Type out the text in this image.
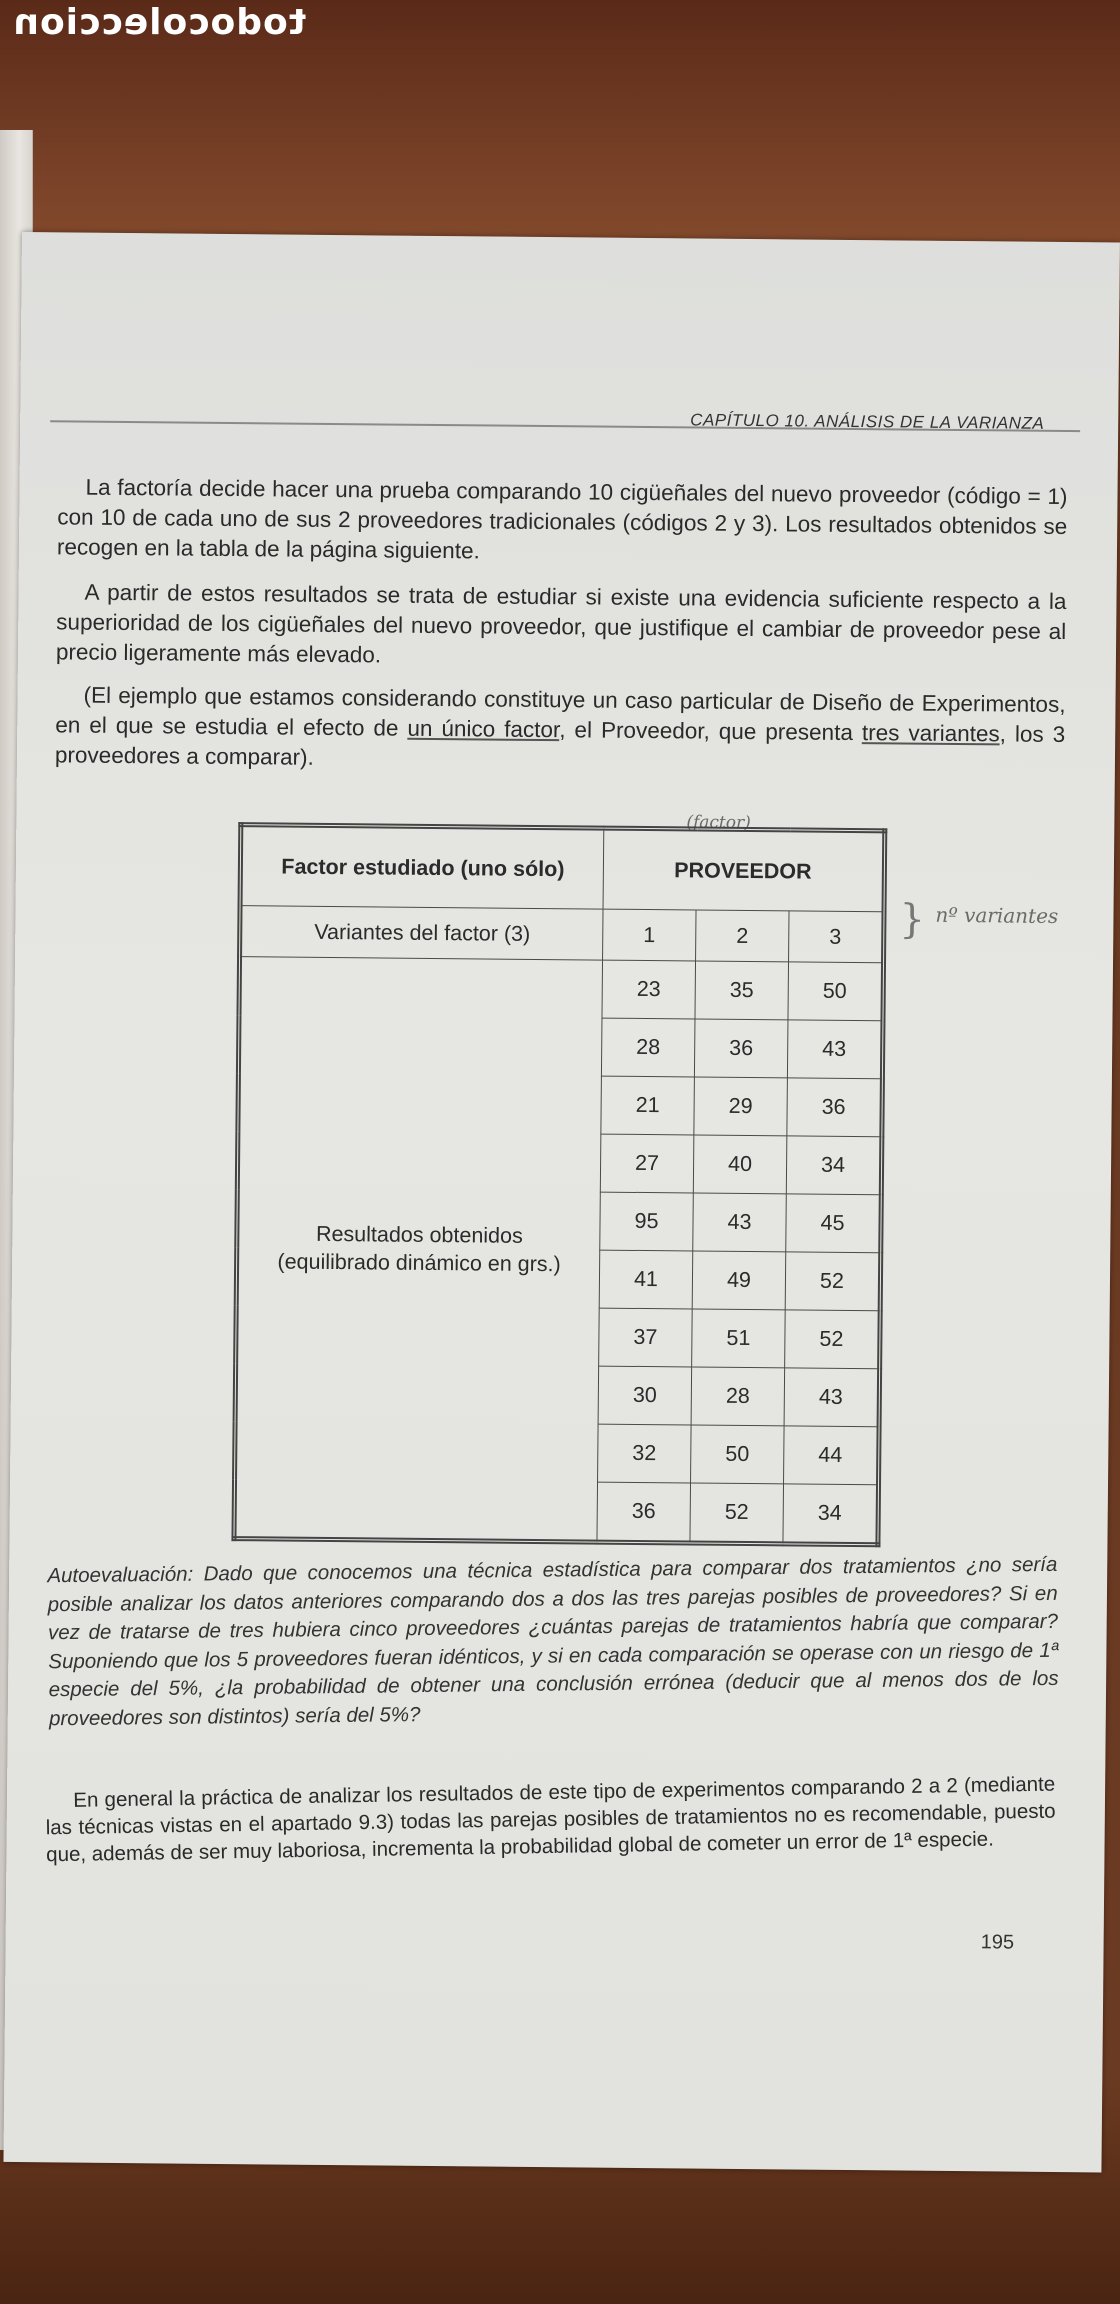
todocoleccion
CAPÍTULO 10. ANÁLISIS DE LA VARIANZA

La factoría decide hacer una prueba comparando 10 cigüeñales del nuevo proveedor (código = 1) con 10 de cada uno de sus 2 proveedores tradicionales (códigos 2 y 3). Los resultados obtenidos se recogen en la tabla de la página siguiente.

A partir de estos resultados se trata de estudiar si existe una evidencia suficiente respecto a la superioridad de los cigüeñales del nuevo proveedor, que justifique el cambiar de proveedor pese al precio ligeramente más elevado.

(El ejemplo que estamos considerando constituye un caso particular de Diseño de Experimentos, en el que se estudia el efecto de un único factor, el Proveedor, que presenta tres variantes, los 3 proveedores a comparar).

(factor)
} nº variantes
Factor estudiado (uno sólo)	PROVEEDOR		
Variantes del factor (3)	1	2	3
Resultados obtenidos
(equilibrado dinámico en grs.)	23	35	50
	28	36	43
	21	29	36
	27	40	34
	95	43	45
	41	49	52
	37	51	52
	30	28	43
	32	50	44
	36	52	34

Autoevaluación: Dado que conocemos una técnica estadística para comparar dos tratamientos ¿no sería posible analizar los datos anteriores comparando dos a dos las tres parejas posibles de proveedores? Si en vez de tratarse de tres hubiera cinco proveedores ¿cuántas parejas de tratamientos habría que comparar? Suponiendo que los 5 proveedores fueran idénticos, y si en cada comparación se operase con un riesgo de 1ª especie del 5%, ¿la probabilidad de obtener una conclusión errónea (deducir que al menos dos de los proveedores son distintos) sería del 5%?

En general la práctica de analizar los resultados de este tipo de experimentos comparando 2 a 2 (mediante las técnicas vistas en el apartado 9.3) todas las parejas posibles de tratamientos no es recomendable, puesto que, además de ser muy laboriosa, incrementa la probabilidad global de cometer un error de 1ª especie.

195
